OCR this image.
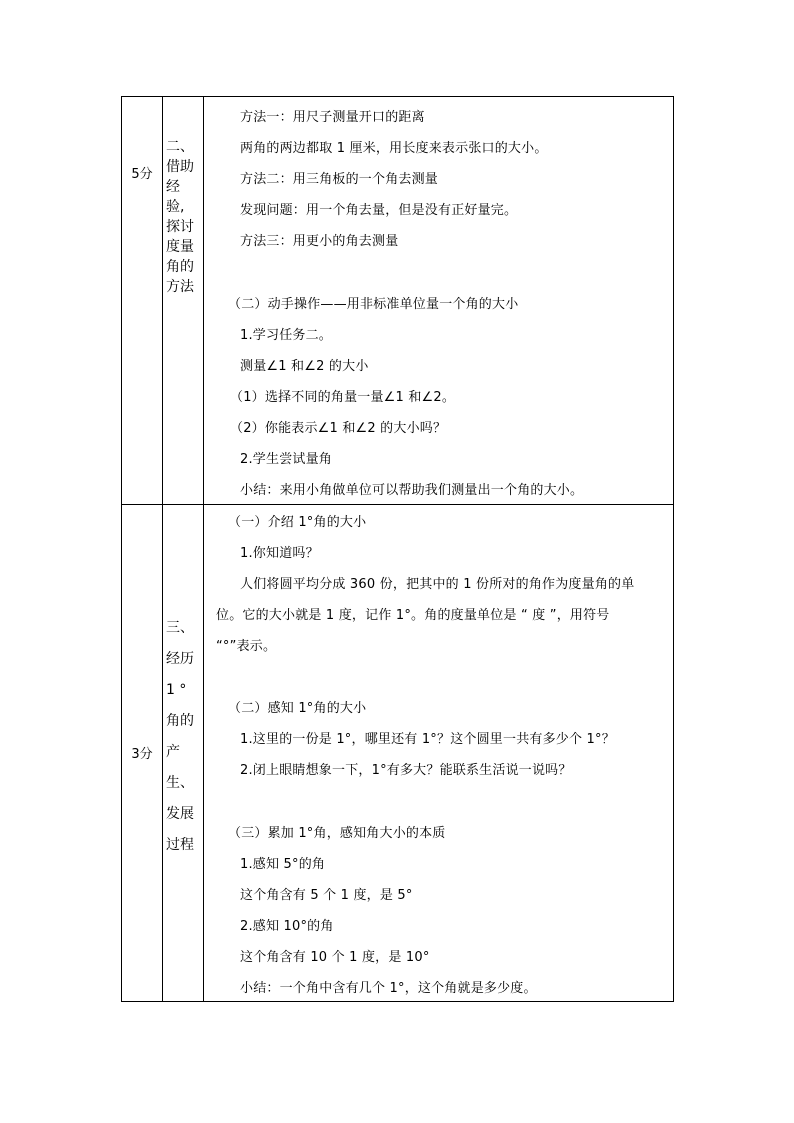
5分
二、
借助
经
验,
探讨
度量
角的
方法
方法一：用尺子测量开口的距离
两角的两边都取 1 厘米，用长度来表示张口的大小。
方法二：用三角板的一个角去测量
发现问题：用一个角去量，但是没有正好量完。
方法三：用更小的角去测量
（二）动手操作——用非标准单位量一个角的大小
1.学习任务二。
测量∠1 和∠2 的大小
（1）选择不同的角量一量∠1 和∠2。
（2）你能表示∠1 和∠2 的大小吗？
2.学生尝试量角
小结：来用小角做单位可以帮助我们测量出一个角的大小。
3分
三、
经历
1 °
角的
产
生、
发展
过程
（一）介绍 1°角的大小
1.你知道吗？
人们将圆平均分成 360 份，把其中的 1 份所对的角作为度量角的单
位。它的大小就是 1 度，记作 1°。角的度量单位是 “ 度 ”，用符号
“°”表示。
（二）感知 1°角的大小
1.这里的一份是 1°，哪里还有 1°？这个圆里一共有多少个 1°？
2.闭上眼睛想象一下，1°有多大？能联系生活说一说吗？
（三）累加 1°角，感知角大小的本质
1.感知 5°的角
这个角含有 5 个 1 度，是 5°
2.感知 10°的角
这个角含有 10 个 1 度，是 10°
小结：一个角中含有几个 1°，这个角就是多少度。
